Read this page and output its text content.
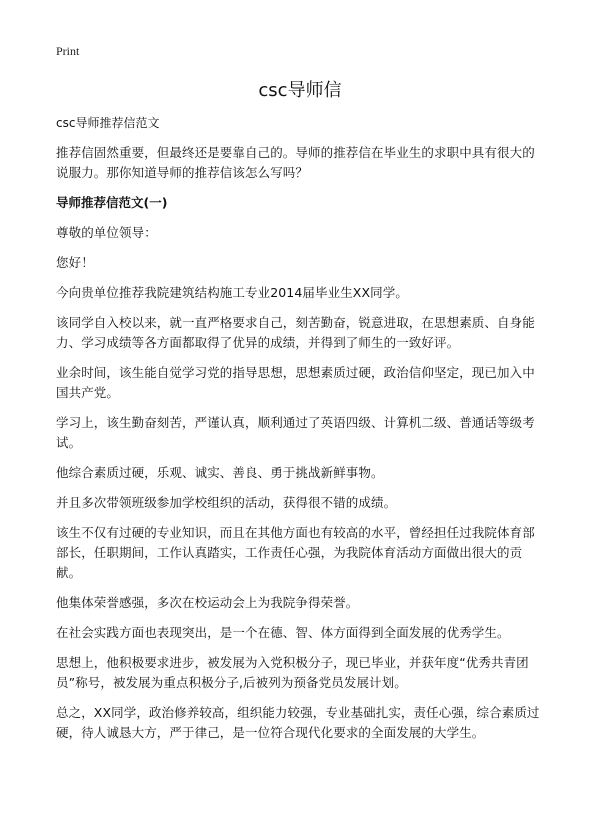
Print
csc导师信
csc导师推荐信范文

推荐信固然重要，但最终还是要靠自己的。导师的推荐信在毕业生的求职中具有很大的说服力。那你知道导师的推荐信该怎么写吗？

导师推荐信范文(一)

尊敬的单位领导：

您好！

今向贵单位推荐我院建筑结构施工专业2014届毕业生XX同学。

该同学自入校以来，就一直严格要求自己，刻苦勤奋，锐意进取，在思想素质、自身能力、学习成绩等各方面都取得了优异的成绩，并得到了师生的一致好评。

业余时间，该生能自觉学习党的指导思想，思想素质过硬，政治信仰坚定，现已加入中国共产党。

学习上，该生勤奋刻苦，严谨认真，顺利通过了英语四级、计算机二级、普通话等级考试。

他综合素质过硬，乐观、诚实、善良、勇于挑战新鲜事物。

并且多次带领班级参加学校组织的活动，获得很不错的成绩。

该生不仅有过硬的专业知识，而且在其他方面也有较高的水平，曾经担任过我院体育部部长，任职期间，工作认真踏实，工作责任心强，为我院体育活动方面做出很大的贡献。

他集体荣誉感强，多次在校运动会上为我院争得荣誉。

在社会实践方面也表现突出，是一个在德、智、体方面得到全面发展的优秀学生。

思想上，他积极要求进步，被发展为入党积极分子，现已毕业，并获年度“优秀共青团员”称号，被发展为重点积极分子,后被列为预备党员发展计划。

总之，XX同学，政治修养较高，组织能力较强，专业基础扎实，责任心强，综合素质过硬，待人诚恳大方，严于律己，是一位符合现代化要求的全面发展的大学生。
